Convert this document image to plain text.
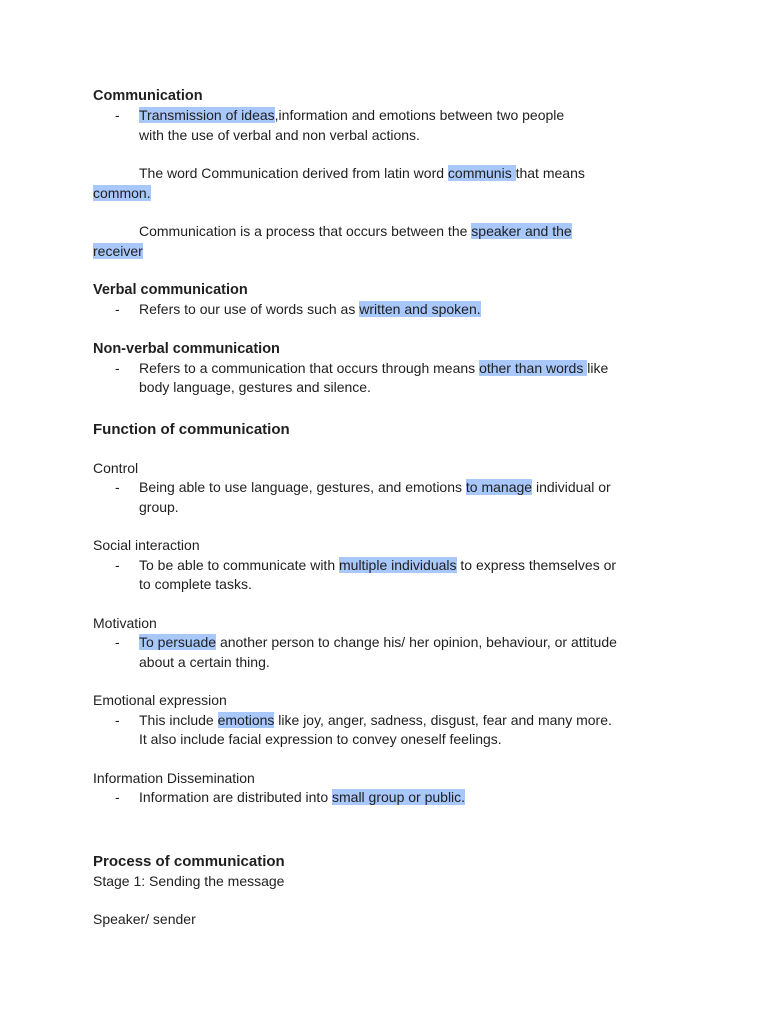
Communication

- Transmission of ideas,information and emotions between two people
with the use of verbal and non verbal actions.

The word Communication derived from latin word communis that means
common.

Communication is a process that occurs between the speaker and the
receiver

Verbal communication

- Refers to our use of words such as written and spoken.

Non-verbal communication

- Refers to a communication that occurs through means other than words like
body language, gestures and silence.

Function of communication

Control

- Being able to use language, gestures, and emotions to manage individual or
group.

Social interaction

- To be able to communicate with multiple individuals to express themselves or
to complete tasks.

Motivation

- To persuade another person to change his/ her opinion, behaviour, or attitude
about a certain thing.

Emotional expression

- This include emotions like joy, anger, sadness, disgust, fear and many more.
It also include facial expression to convey oneself feelings.

Information Dissemination

- Information are distributed into small group or public.

Process of communication

Stage 1: Sending the message

Speaker/ sender
